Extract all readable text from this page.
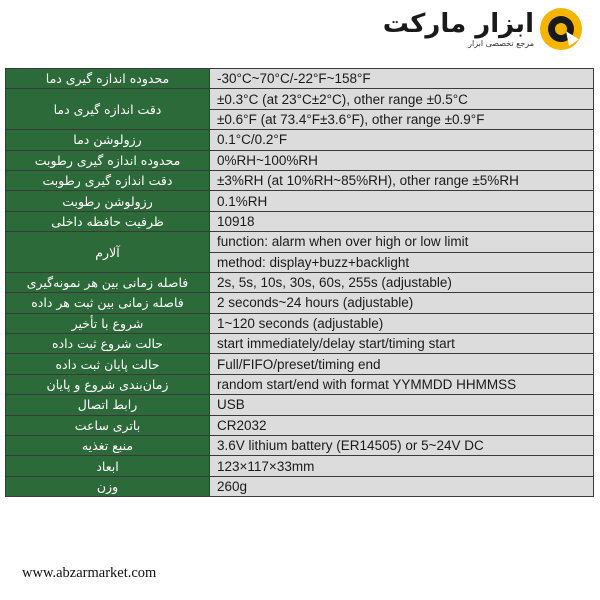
ابزار مارکت
مرجع تخصصی ابزار
محدوده اندازه گیری دما	-30°C~70°C/-22°F~158°F
دقت اندازه گیری دما	±0.3°C (at 23°C±2°C), other range ±0.5°C
	±0.6°F (at 73.4°F±3.6°F), other range ±0.9°F
رزولوشن دما	0.1°C/0.2°F
محدوده اندازه گیری رطوبت	0%RH~100%RH
دقت اندازه گیری رطوبت	±3%RH (at 10%RH~85%RH), other range ±5%RH
رزولوشن رطوبت	0.1%RH
ظرفیت حافظه داخلی	10918
آلارم	function: alarm when over high or low limit
	method: display+buzz+backlight
فاصله زمانی بین هر نمونه‌گیری	2s, 5s, 10s, 30s, 60s, 255s (adjustable)
فاصله زمانی بین ثبت هر داده	2 seconds~24 hours (adjustable)
شروع با تأخیر	1~120 seconds (adjustable)
حالت شروع ثبت داده	start immediately/delay start/timing start
حالت پایان ثبت داده	Full/FIFO/preset/timing end
زمان‌بندی شروع و پایان	random start/end with format YYMMDD HHMMSS
رابط اتصال	USB
باتری ساعت	CR2032
منبع تغذیه	3.6V lithium battery (ER14505) or 5~24V DC
ابعاد	123×117×33mm
وزن	260g
www.abzarmarket.com
